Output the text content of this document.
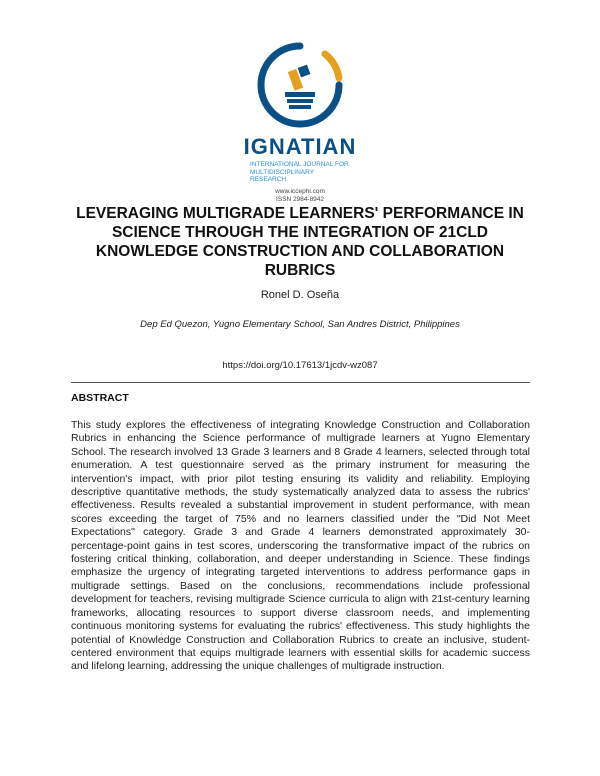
IGNATIAN
INTERNATIONAL JOURNAL FOR MULTIDISCIPLINARY RESEARCH
www.iccephi.com
ISSN 2984-8942
LEVERAGING MULTIGRADE LEARNERS' PERFORMANCE IN SCIENCE THROUGH THE INTEGRATION OF 21CLD KNOWLEDGE CONSTRUCTION AND COLLABORATION RUBRICS
Ronel D. Oseña
Dep Ed Quezon, Yugno Elementary School, San Andres District, Philippines
https://doi.org/10.17613/1jcdv-wz087
ABSTRACT
This study explores the effectiveness of integrating Knowledge Construction and Collaboration Rubrics in enhancing the Science performance of multigrade learners at Yugno Elementary School. The research involved 13 Grade 3 learners and 8 Grade 4 learners, selected through total enumeration. A test questionnaire served as the primary instrument for measuring the intervention's impact, with prior pilot testing ensuring its validity and reliability. Employing descriptive quantitative methods, the study systematically analyzed data to assess the rubrics' effectiveness. Results revealed a substantial improvement in student performance, with mean scores exceeding the target of 75% and no learners classified under the "Did Not Meet Expectations" category. Grade 3 and Grade 4 learners demonstrated approximately 30-percentage-point gains in test scores, underscoring the transformative impact of the rubrics on fostering critical thinking, collaboration, and deeper understanding in Science. These findings emphasize the urgency of integrating targeted interventions to address performance gaps in multigrade settings. Based on the conclusions, recommendations include professional development for teachers, revising multigrade Science curricula to align with 21st-century learning frameworks, allocating resources to support diverse classroom needs, and implementing continuous monitoring systems for evaluating the rubrics' effectiveness. This study highlights the potential of Knowledge Construction and Collaboration Rubrics to create an inclusive, student-centered environment that equips multigrade learners with essential skills for academic success and lifelong learning, addressing the unique challenges of multigrade instruction.
